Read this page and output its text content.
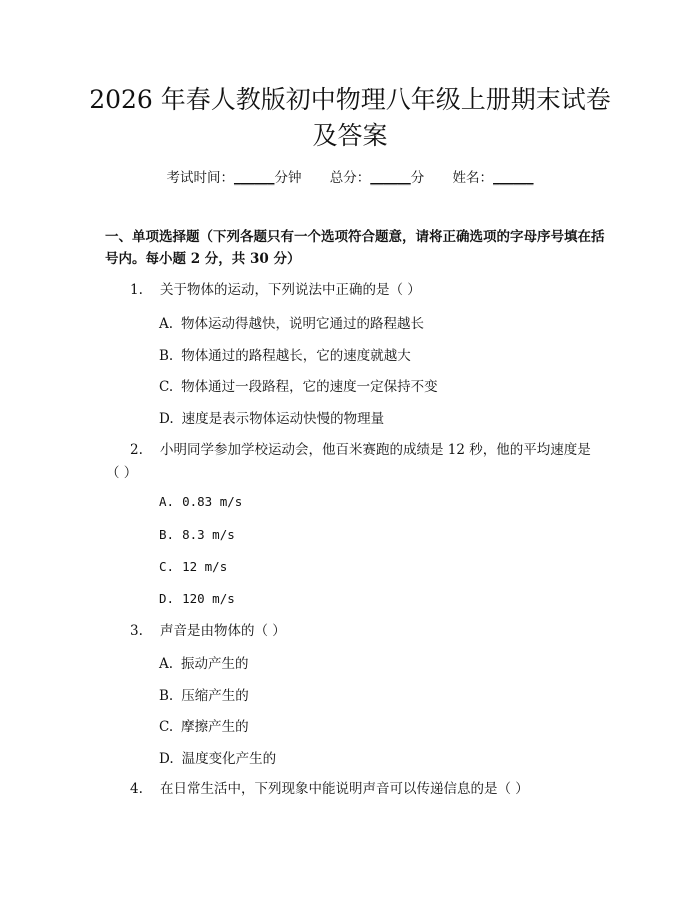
2026 年春人教版初中物理八年级上册期末试卷及答案
考试时间：______分钟 总分：______分 姓名：______

一、单项选择题（下列各题只有一个选项符合题意，请将正确选项的字母序号填在括号内。每小题 2 分，共 30 分）

1. 关于物体的运动，下列说法中正确的是（ ）
A. 物体运动得越快，说明它通过的路程越长
B. 物体通过的路程越长，它的速度就越大
C. 物体通过一段路程，它的速度一定保持不变
D. 速度是表示物体运动快慢的物理量
2. 小明同学参加学校运动会，他百米赛跑的成绩是 12 秒，他的平均速度是（ ）
A. 0.83 m/s
B. 8.3 m/s
C. 12 m/s
D. 120 m/s
3. 声音是由物体的（ ）
A. 振动产生的
B. 压缩产生的
C. 摩擦产生的
D. 温度变化产生的
4. 在日常生活中，下列现象中能说明声音可以传递信息的是（ ）
